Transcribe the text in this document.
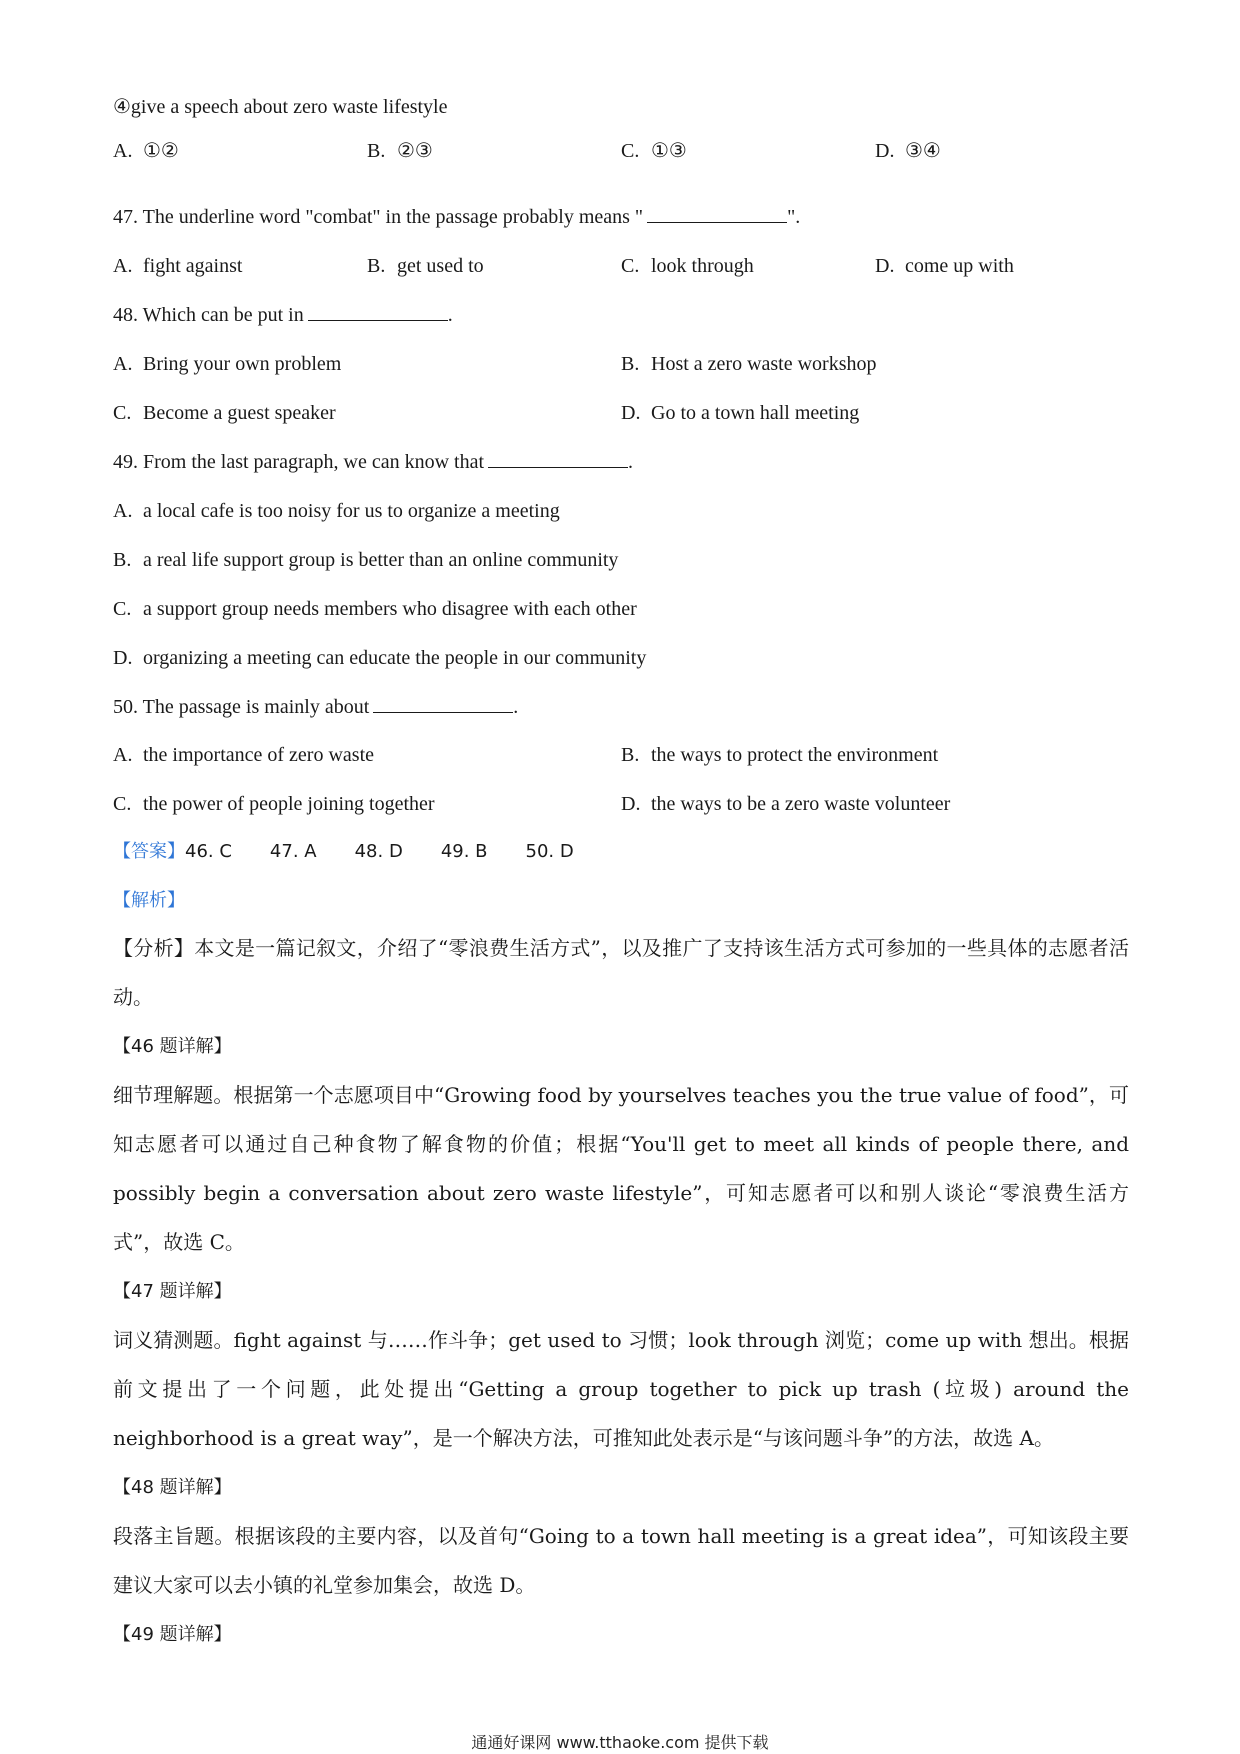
④give a speech about zero waste lifestyle
A. ①②	B. ②③	C. ①③	D. ③④
47. The underline word "combat" in the passage probably means "	".
A. fight against	B. get used to	C. look through	D. come up with
48. Which can be put in	.
A. Bring your own problem	B. Host a zero waste workshop
C. Become a guest speaker	D. Go to a town hall meeting
49. From the last paragraph, we can know that	.
A. a local cafe is too noisy for us to organize a meeting
B. a real life support group is better than an online community
C. a support group needs members who disagree with each other
D. organizing a meeting can educate the people in our community
50. The passage is mainly about	.
A. the importance of zero waste	B. the ways to protect the environment
C. the power of people joining together	D. the ways to be a zero waste volunteer
【答案】46. C 47. A 48. D 49. B 50. D
【解析】

【分析】本文是一篇记叙文，介绍了“零浪费生活方式”，以及推广了支持该生活方式可参加的一些具体的志愿者活动。

【46 题详解】

细节理解题。根据第一个志愿项目中“Growing food by yourselves teaches you the true value of food”，可知志愿者可以通过自己种食物了解食物的价值；根据“You'll get to meet all kinds of people there, and possibly begin a conversation about zero waste lifestyle”，可知志愿者可以和别人谈论“零浪费生活方式”，故选 C。

【47 题详解】

词义猜测题。fight against 与……作斗争；get used to 习惯；look through 浏览；come up with 想出。根据前文提出了一个问题，此处提出“Getting a group together to pick up trash (垃圾) around the neighborhood is a great way”，是一个解决方法，可推知此处表示是“与该问题斗争”的方法，故选 A。

【48 题详解】

段落主旨题。根据该段的主要内容，以及首句“Going to a town hall meeting is a great idea”，可知该段主要建议大家可以去小镇的礼堂参加集会，故选 D。

【49 题详解】

通通好课网 www.tthaoke.com 提供下载
